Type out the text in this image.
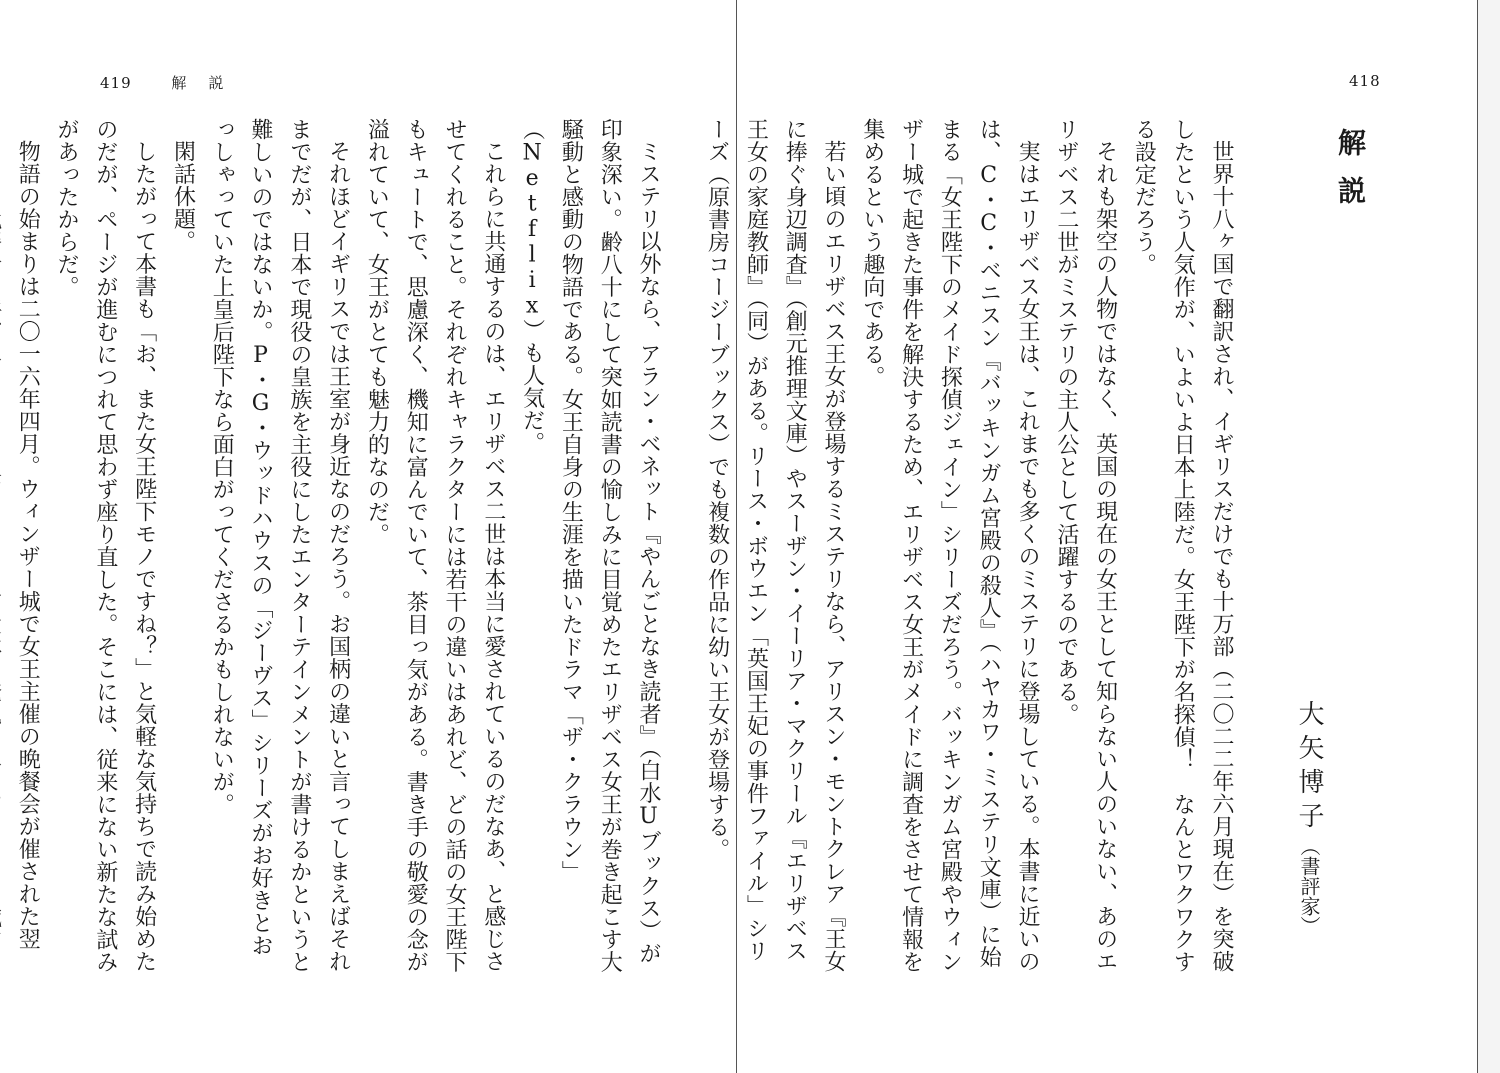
419	解説	418

ミステリ以外なら、アラン・ベネット『やんごとなき読者』（白水Uブックス）が印象深い。齢八十にして突如読書の愉しみに目覚めたエリザベス女王が巻き起こす大騒動と感動の物語である。女王自身の生涯を描いたドラマ「ザ・クラウン」（Netflix）も人気だ。

これらに共通するのは、エリザベス二世は本当に愛されているのだなあ、と感じさせてくれること。それぞれキャラクターには若干の違いはあれど、どの話の女王陛下もキュートで、思慮深く、機知に富んでいて、茶目っ気がある。書き手の敬愛の念が溢れていて、女王がとても魅力的なのだ。

それほどイギリスでは王室が身近なのだろう。お国柄の違いと言ってしまえばそれまでだが、日本で現役の皇族を主役にしたエンターテインメントが書けるかというと難しいのではないか。P・G・ウッドハウスの「ジーヴス」シリーズがお好きとおっしゃっていた上皇后陛下なら面白がってくださるかもしれないが。

閑話休題。

したがって本書も「お、また女王陛下モノですね？」と気軽な気持ちで読み始めたのだが、ページが進むにつれて思わず座り直した。そこには、従来にない新たな試みがあったからだ。

物語の始まりは二〇一六年四月。ウィンザー城で女王主催の晩餐会が催された翌

解説
大矢博子（書評家）

世界十八ヶ国で翻訳され、イギリスだけでも十万部（二〇二二年六月現在）を突破したという人気作が、いよいよ日本上陸だ。女王陛下が名探偵！　なんとワクワクする設定だろう。

それも架空の人物ではなく、英国の現在の女王として知らない人のいない、あのエリザベス二世がミステリの主人公として活躍するのである。

実はエリザベス女王は、これまでも多くのミステリに登場している。本書に近いのは、C・C・ベニスン『バッキンガム宮殿の殺人』（ハヤカワ・ミステリ文庫）に始まる「女王陛下のメイド探偵ジェイン」シリーズだろう。バッキンガム宮殿やウィンザー城で起きた事件を解決するため、エリザベス女王がメイドに調査をさせて情報を集めるという趣向である。

若い頃のエリザベス王女が登場するミステリなら、アリスン・モントクレア『王女に捧ぐ身辺調査』（創元推理文庫）やスーザン・イーリア・マクリール『エリザベス王女の家庭教師』（同）がある。リース・ボウエン「英国王妃の事件ファイル」シリーズ（原書房コージーブックス）でも複数の作品に幼い王女が登場する。
